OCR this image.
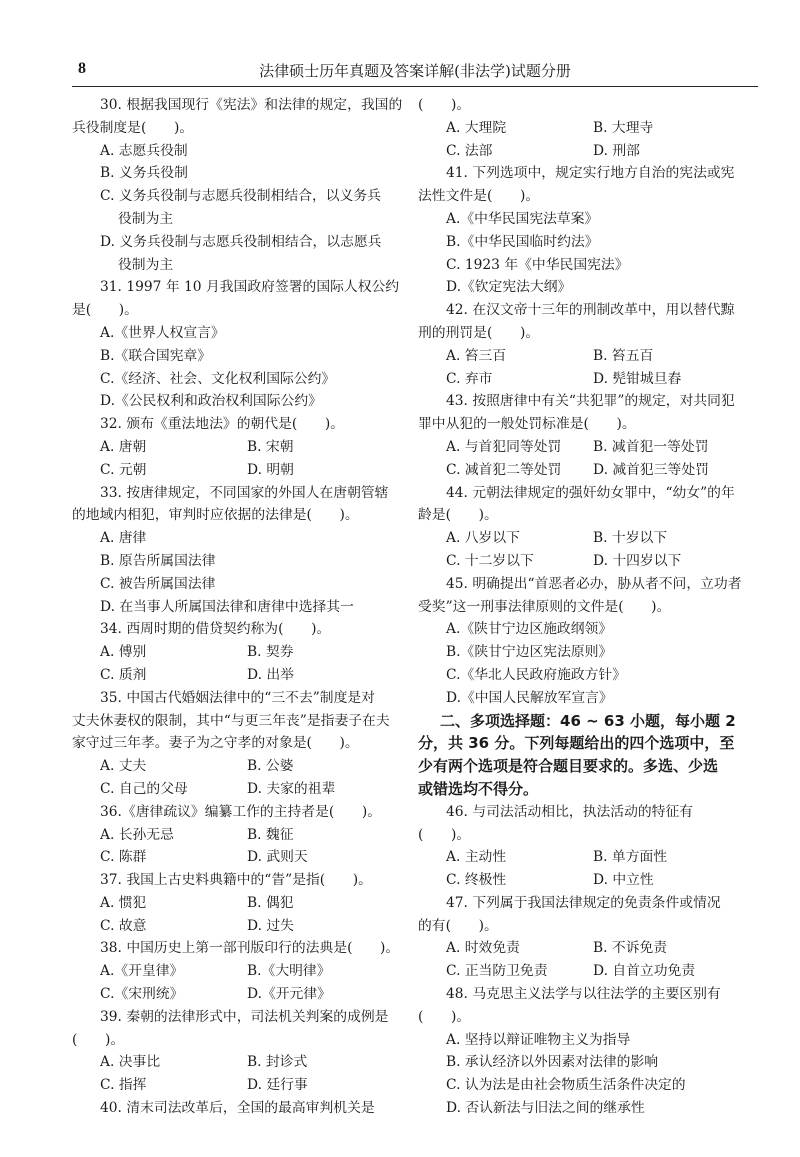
8	法律硕士历年真题及答案详解(非法学)试题分册
30. 根据我国现行《宪法》和法律的规定，我国的
兵役制度是(　　)。
A. 志愿兵役制
B. 义务兵役制
C. 义务兵役制与志愿兵役制相结合，以义务兵
役制为主
D. 义务兵役制与志愿兵役制相结合，以志愿兵
役制为主
31. 1997 年 10 月我国政府签署的国际人权公约
是(　　)。
A.《世界人权宣言》
B.《联合国宪章》
C.《经济、社会、文化权利国际公约》
D.《公民权利和政治权利国际公约》
32. 颁布《重法地法》的朝代是(　　)。
A. 唐朝	B. 宋朝
C. 元朝	D. 明朝
33. 按唐律规定，不同国家的外国人在唐朝管辖
的地域内相犯，审判时应依据的法律是(　　)。
A. 唐律
B. 原告所属国法律
C. 被告所属国法律
D. 在当事人所属国法律和唐律中选择其一
34. 西周时期的借贷契约称为(　　)。
A. 傅别	B. 契券
C. 质剂	D. 出举
35. 中国古代婚姻法律中的“三不去”制度是对
丈夫休妻权的限制，其中“与更三年丧”是指妻子在夫
家守过三年孝。妻子为之守孝的对象是(　　)。
A. 丈夫	B. 公婆
C. 自己的父母	D. 夫家的祖辈
36.《唐律疏议》编纂工作的主持者是(　　)。
A. 长孙无忌	B. 魏征
C. 陈群	D. 武则天
37. 我国上古史料典籍中的“眚”是指(　　)。
A. 惯犯	B. 偶犯
C. 故意	D. 过失
38. 中国历史上第一部刊版印行的法典是(　　)。
A.《开皇律》	B.《大明律》
C.《宋刑统》	D.《开元律》
39. 秦朝的法律形式中，司法机关判案的成例是
(　　)。
A. 决事比	B. 封诊式
C. 指挥	D. 廷行事
40. 清末司法改革后，全国的最高审判机关是
(　　)。
A. 大理院	B. 大理寺
C. 法部	D. 刑部
41. 下列选项中，规定实行地方自治的宪法或宪
法性文件是(　　)。
A.《中华民国宪法草案》
B.《中华民国临时约法》
C. 1923 年《中华民国宪法》
D.《钦定宪法大纲》
42. 在汉文帝十三年的刑制改革中，用以替代黥
刑的刑罚是(　　)。
A. 笞三百	B. 笞五百
C. 弃市	D. 髡钳城旦舂
43. 按照唐律中有关“共犯罪”的规定，对共同犯
罪中从犯的一般处罚标准是(　　)。
A. 与首犯同等处罚	B. 减首犯一等处罚
C. 减首犯二等处罚	D. 减首犯三等处罚
44. 元朝法律规定的强奸幼女罪中，“幼女”的年
龄是(　　)。
A. 八岁以下	B. 十岁以下
C. 十二岁以下	D. 十四岁以下
45. 明确提出“首恶者必办，胁从者不问，立功者
受奖”这一刑事法律原则的文件是(　　)。
A.《陕甘宁边区施政纲领》
B.《陕甘宁边区宪法原则》
C.《华北人民政府施政方针》
D.《中国人民解放军宣言》
二、多项选择题：46 ~ 63 小题，每小题 2
分，共 36 分。下列每题给出的四个选项中，至
少有两个选项是符合题目要求的。多选、少选
或错选均不得分。
46. 与司法活动相比，执法活动的特征有
(　　)。
A. 主动性	B. 单方面性
C. 终极性	D. 中立性
47. 下列属于我国法律规定的免责条件或情况
的有(　　)。
A. 时效免责	B. 不诉免责
C. 正当防卫免责	D. 自首立功免责
48. 马克思主义法学与以往法学的主要区别有
(　　)。
A. 坚持以辩证唯物主义为指导
B. 承认经济以外因素对法律的影响
C. 认为法是由社会物质生活条件决定的
D. 否认新法与旧法之间的继承性
